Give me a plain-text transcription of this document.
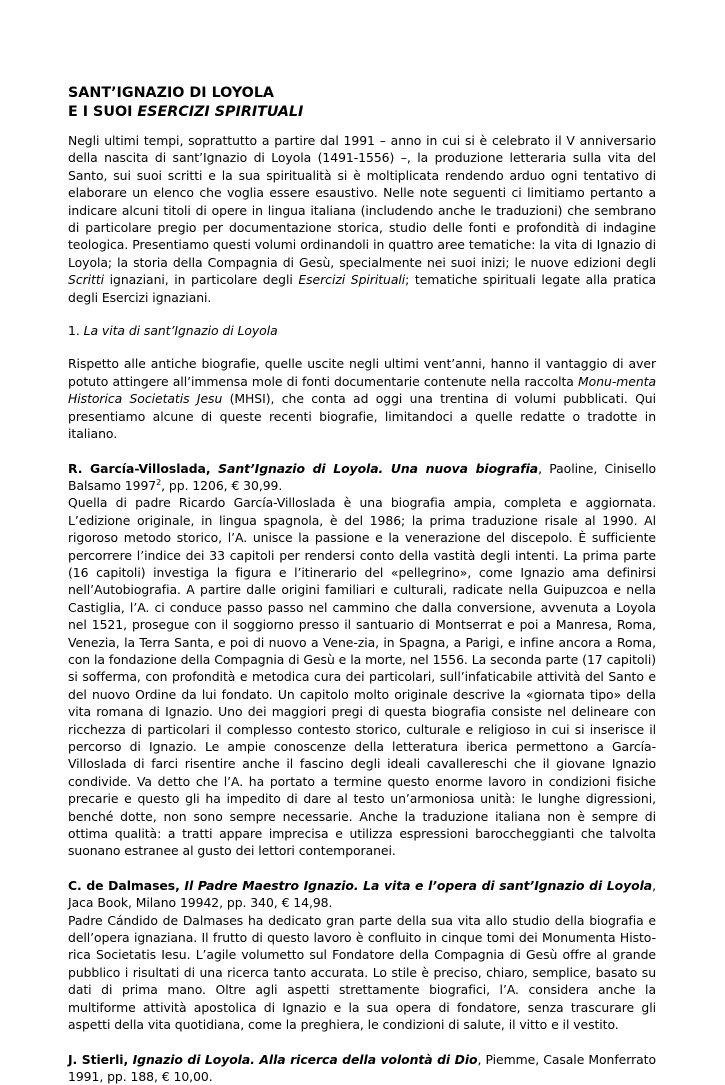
SANT’IGNAZIO DI LOYOLA
E I SUOI ESERCIZI SPIRITUALI

Negli ultimi tempi, soprattutto a partire dal 1991 – anno in cui si è celebrato il V anniversario della nascita di sant’Ignazio di Loyola (1491-1556) –, la produzione letteraria sulla vita del Santo, sui suoi scritti e la sua spiritualità si è moltiplicata rendendo arduo ogni tentativo di elaborare un elenco che voglia essere esaustivo. Nelle note seguenti ci limitiamo pertanto a indicare alcuni titoli di opere in lingua italiana (includendo anche le traduzioni) che sembrano di particolare pregio per documentazione storica, studio delle fonti e profondità di indagine teologica. Presentiamo questi volumi ordinandoli in quattro aree tematiche: la vita di Ignazio di Loyola; la storia della Compagnia di Gesù, specialmente nei suoi inizi; le nuove edizioni degli Scritti ignaziani, in particolare degli Esercizi Spirituali; tematiche spirituali legate alla pratica degli Esercizi ignaziani.

1. La vita di sant’Ignazio di Loyola

Rispetto alle antiche biografie, quelle uscite negli ultimi vent’anni, hanno il vantaggio di aver potuto attingere all’immensa mole di fonti documentarie contenute nella raccolta Monu-menta Historica Societatis Jesu (MHSI), che conta ad oggi una trentina di volumi pubblicati. Qui presentiamo alcune di queste recenti biografie, limitandoci a quelle redatte o tradotte in italiano.

R. García-Villoslada, Sant’Ignazio di Loyola. Una nuova biografia, Paoline, Cinisello Balsamo 1997$^2$, pp. 1206, € 30,99.

Quella di padre Ricardo García-Villoslada è una biografia ampia, completa e aggiornata. L’edizione originale, in lingua spagnola, è del 1986; la prima traduzione risale al 1990. Al rigoroso metodo storico, l’A. unisce la passione e la venerazione del discepolo. È sufficiente percorrere l’indice dei 33 capitoli per rendersi conto della vastità degli intenti. La prima parte (16 capitoli) investiga la figura e l’itinerario del «pellegrino», come Ignazio ama definirsi nell’Autobiografia. A partire dalle origini familiari e culturali, radicate nella Guipuzcoa e nella Castiglia, l’A. ci conduce passo passo nel cammino che dalla conversione, avvenuta a Loyola nel 1521, prosegue con il soggiorno presso il santuario di Montserrat e poi a Manresa, Roma, Venezia, la Terra Santa, e poi di nuovo a Vene-zia, in Spagna, a Parigi, e infine ancora a Roma, con la fondazione della Compagnia di Gesù e la morte, nel 1556. La seconda parte (17 capitoli) si sofferma, con profondità e metodica cura dei particolari, sull’infaticabile attività del Santo e del nuovo Ordine da lui fondato. Un capitolo molto originale descrive la «giornata tipo» della vita romana di Ignazio. Uno dei maggiori pregi di questa biografia consiste nel delineare con ricchezza di particolari il complesso contesto storico, culturale e religioso in cui si inserisce il percorso di Ignazio. Le ampie conoscenze della letteratura iberica permettono a García-Villoslada di farci risentire anche il fascino degli ideali cavallereschi che il giovane Ignazio condivide. Va detto che l’A. ha portato a termine questo enorme lavoro in condizioni fisiche precarie e questo gli ha impedito di dare al testo un’armoniosa unità: le lunghe digressioni, benché dotte, non sono sempre necessarie. Anche la traduzione italiana non è sempre di ottima qualità: a tratti appare imprecisa e utilizza espressioni baroccheggianti che talvolta suonano estranee al gusto dei lettori contemporanei.

C. de Dalmases, Il Padre Maestro Ignazio. La vita e l’opera di sant’Ignazio di Loyola, Jaca Book, Milano 19942, pp. 340, € 14,98.

Padre Cándido de Dalmases ha dedicato gran parte della sua vita allo studio della biografia e dell’opera ignaziana. Il frutto di questo lavoro è confluito in cinque tomi dei Monumenta Histo-rica Societatis Iesu. L’agile volumetto sul Fondatore della Compagnia di Gesù offre al grande pubblico i risultati di una ricerca tanto accurata. Lo stile è preciso, chiaro, semplice, basato su dati di prima mano. Oltre agli aspetti strettamente biografici, l’A. considera anche la multiforme attività apostolica di Ignazio e la sua opera di fondatore, senza trascurare gli aspetti della vita quotidiana, come la preghiera, le condizioni di salute, il vitto e il vestito.

J. Stierli, Ignazio di Loyola. Alla ricerca della volontà di Dio, Piemme, Casale Monferrato 1991, pp. 188, € 10,00.
